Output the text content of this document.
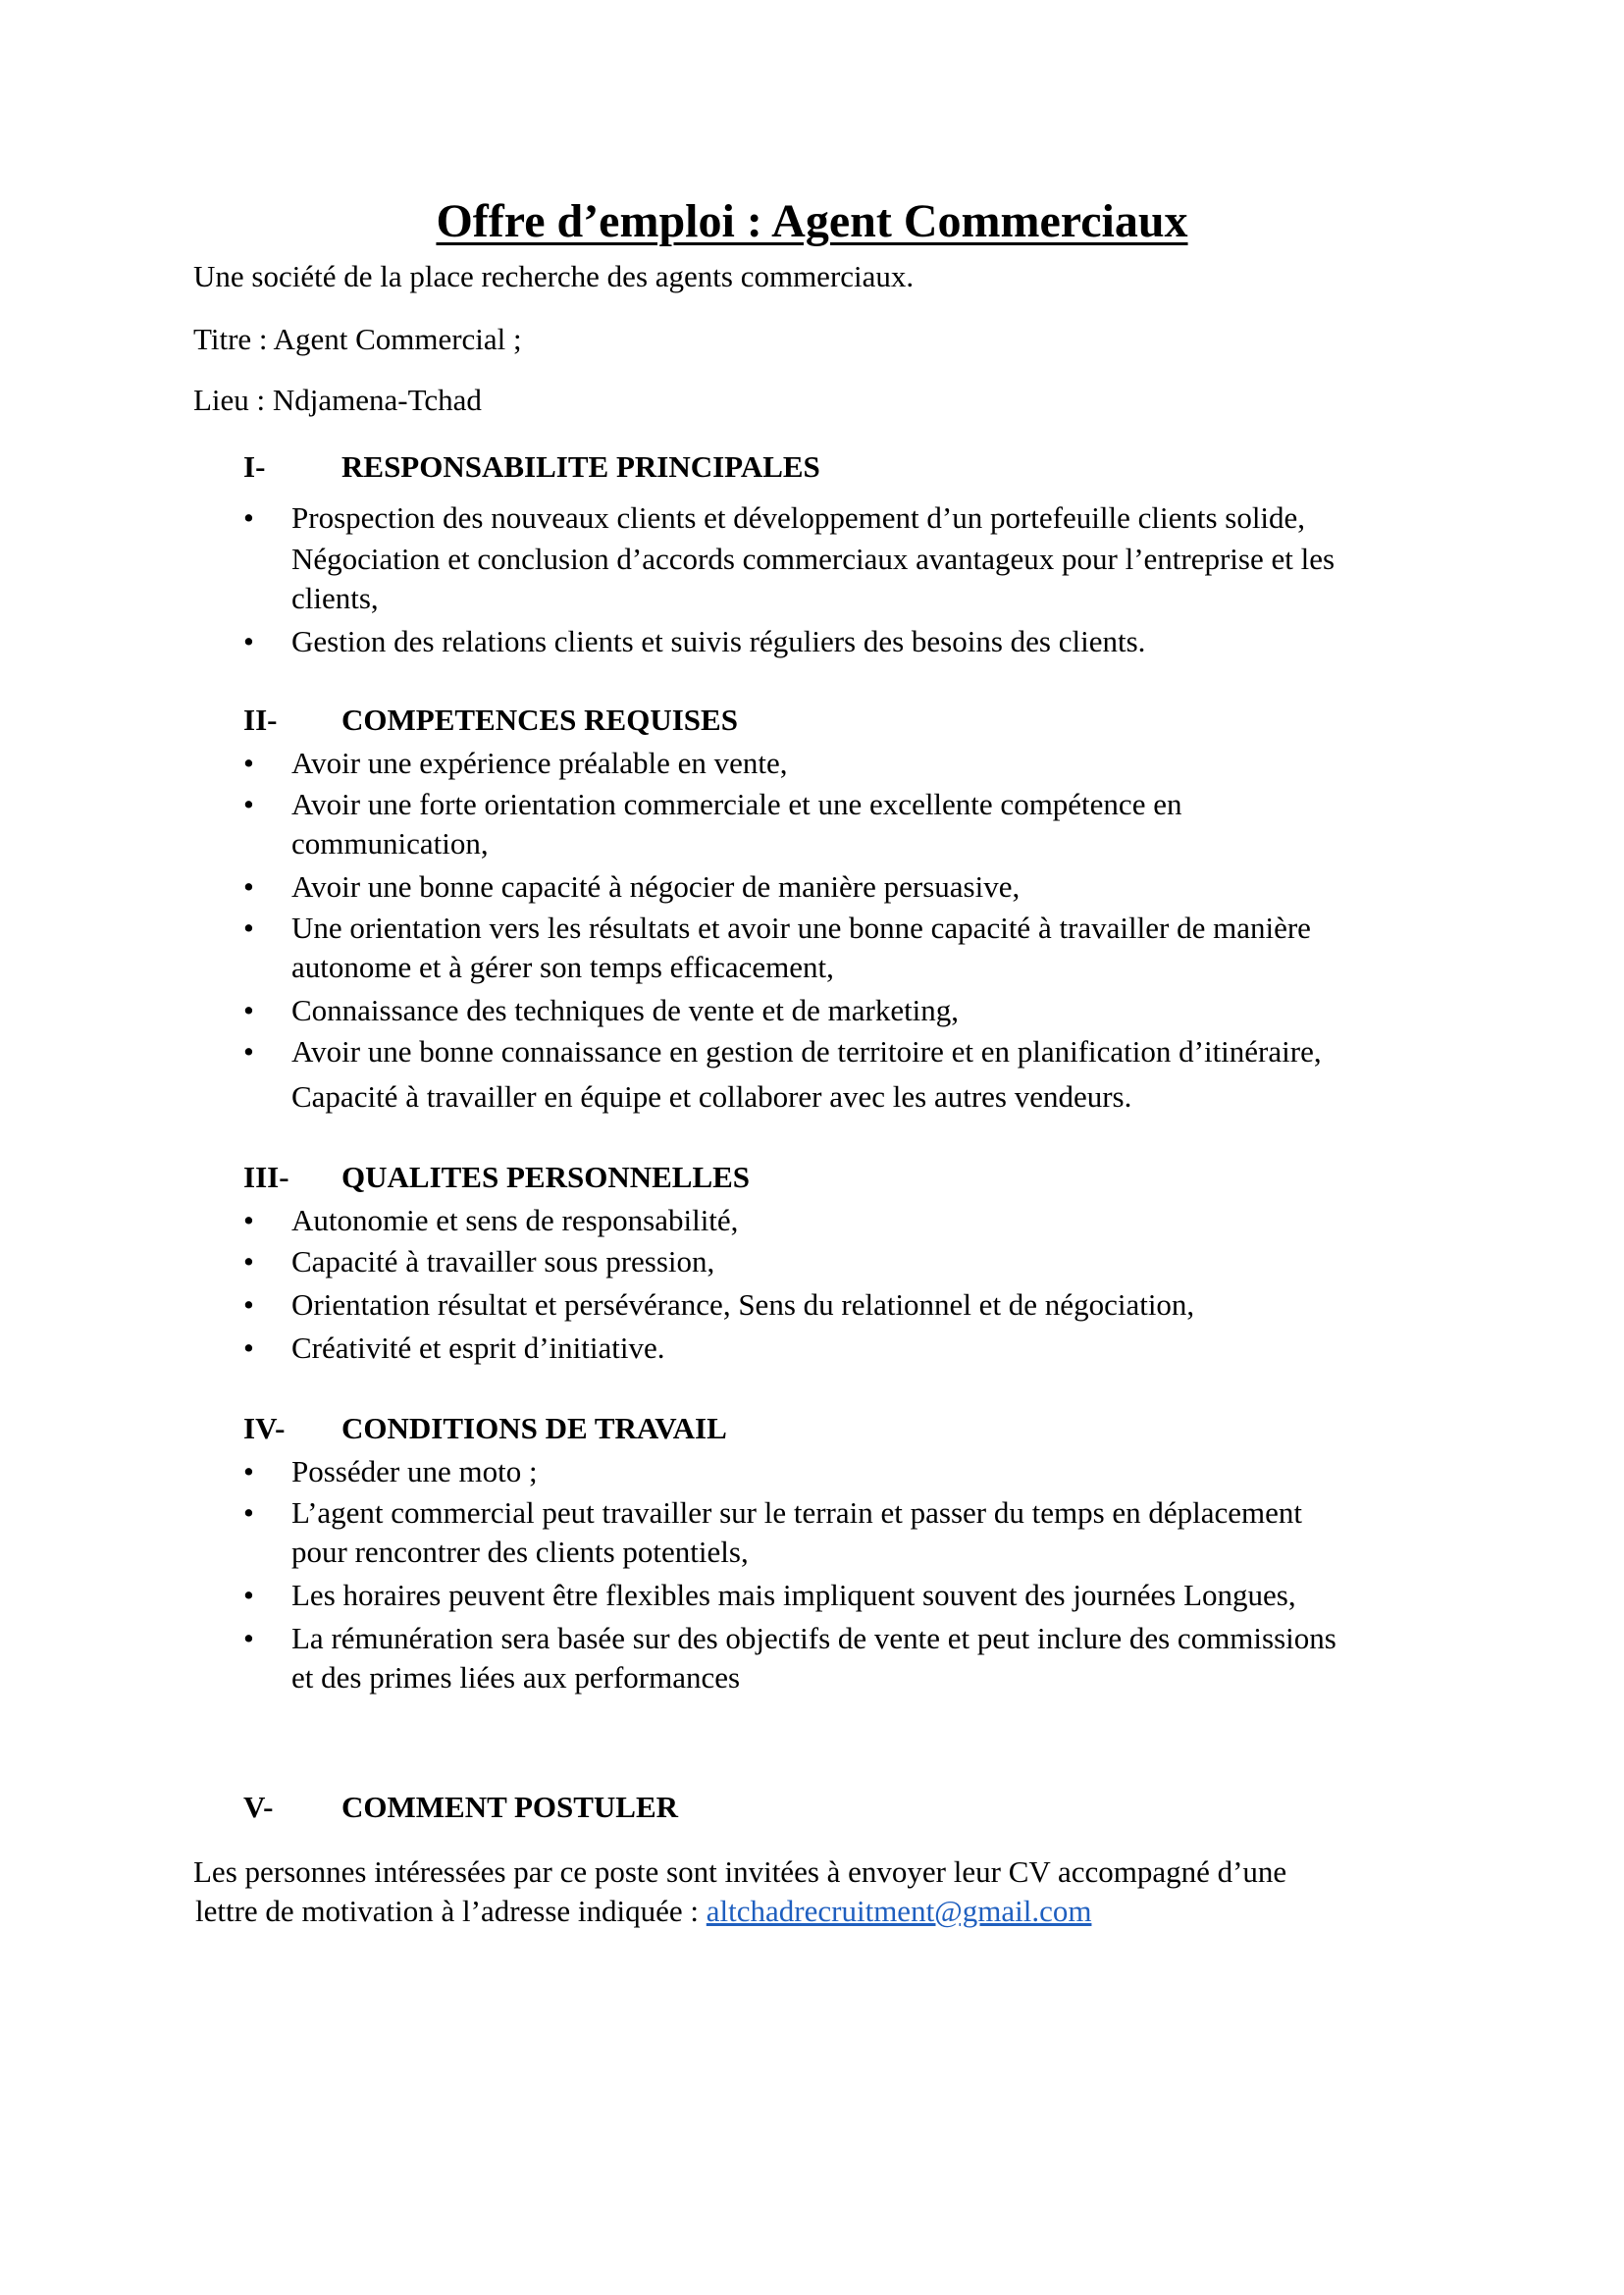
Offre d’emploi : Agent Commerciaux

Une société de la place recherche des agents commerciaux.

Titre : Agent Commercial ;

Lieu : Ndjamena-Tchad

I-	RESPONSABILITE PRINCIPALES
•	Prospection des nouveaux clients et développement d’un portefeuille clients solide,
Négociation et conclusion d’accords commerciaux avantageux pour l’entreprise et les
clients,
•	Gestion des relations clients et suivis réguliers des besoins des clients.
II- COMPETENCES REQUISES
•	Avoir une expérience préalable en vente,
•	Avoir une forte orientation commerciale et une excellente compétence en
communication,
•	Avoir une bonne capacité à négocier de manière persuasive,
•	Une orientation vers les résultats et avoir une bonne capacité à travailler de manière
autonome et à gérer son temps efficacement,
•	Connaissance des techniques de vente et de marketing,
•	Avoir une bonne connaissance en gestion de territoire et en planification d’itinéraire,
Capacité à travailler en équipe et collaborer avec les autres vendeurs.
III- QUALITES PERSONNELLES
•	Autonomie et sens de responsabilité,
•	Capacité à travailler sous pression,
•	Orientation résultat et persévérance, Sens du relationnel et de négociation,
•	Créativité et esprit d’initiative.
IV- CONDITIONS DE TRAVAIL
•	Posséder une moto ;
•	L’agent commercial peut travailler sur le terrain et passer du temps en déplacement
pour rencontrer des clients potentiels,
•	Les horaires peuvent être flexibles mais impliquent souvent des journées Longues,
•	La rémunération sera basée sur des objectifs de vente et peut inclure des commissions
et des primes liées aux performances
V- COMMENT POSTULER

Les personnes intéressées par ce poste sont invitées à envoyer leur CV accompagné d’une

lettre de motivation à l’adresse indiquée : altchadrecruitment@gmail.com
